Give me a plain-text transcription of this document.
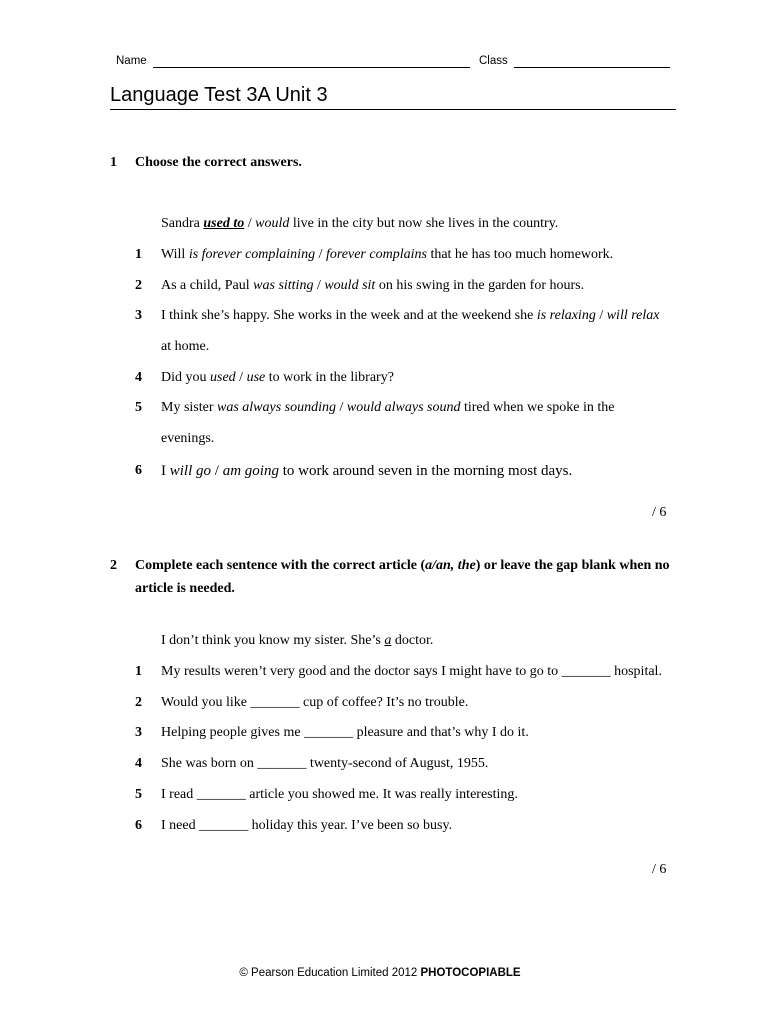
Name	Class
Language Test 3A Unit 3
1 Choose the correct answers.
Sandra used to / would live in the city but now she lives in the country.
1 Will is forever complaining / forever complains that he has too much homework.
2 As a child, Paul was sitting / would sit on his swing in the garden for hours.
3 I think she’s happy. She works in the week and at the weekend she is relaxing / will relax at home.
4 Did you used / use to work in the library?
5 My sister was always sounding / would always sound tired when we spoke in the evenings.
6 I will go / am going to work around seven in the morning most days.
/ 6
2 Complete each sentence with the correct article (a/an, the) or leave the gap blank when no article is needed.
I don’t think you know my sister. She’s a doctor.
1 My results weren’t very good and the doctor says I might have to go to _______ hospital.
2 Would you like _______ cup of coffee? It’s no trouble.
3 Helping people gives me _______ pleasure and that’s why I do it.
4 She was born on _______ twenty-second of August, 1955.
5 I read _______ article you showed me. It was really interesting.
6 I need _______ holiday this year. I’ve been so busy.
/ 6
© Pearson Education Limited 2012 PHOTOCOPIABLE
